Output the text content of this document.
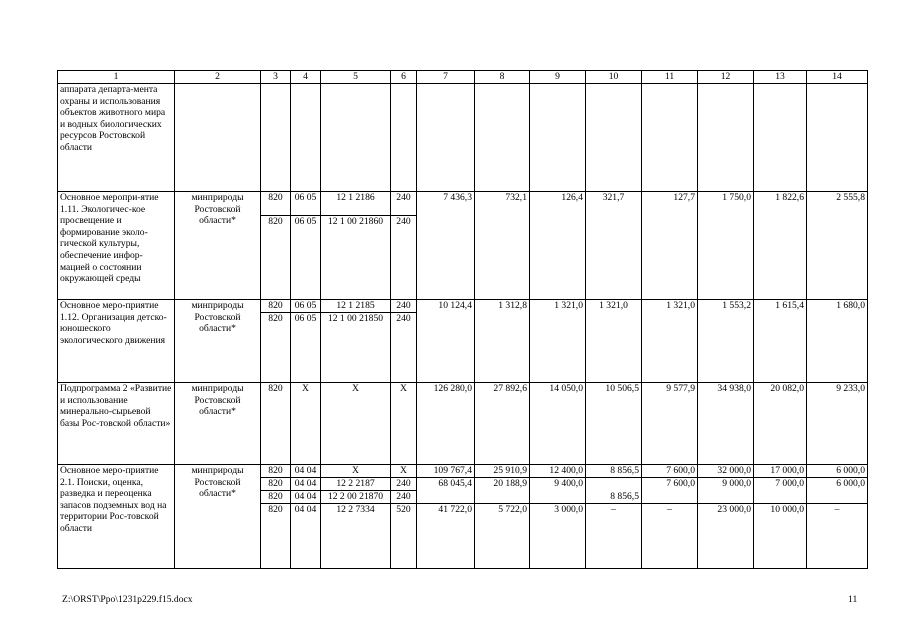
1	2	3	4	5	6	7	8	9	10	11	12	13	14
аппарата департа-мента охраны и использования объектов животного мира и водных биологических ресурсов Ростовской области													
Основное меропри-ятие 1.11. Экологичес-кое просвещение и формирование эколо-гической культуры, обеспечение инфор-мацией о состоянии окружающей среды	минприроды Ростовской области*	820	06 05	12 1 2186	240	7 436,3	732,1	126,4	321,7	127,7	1 750,0	1 822,6	2 555,8
		820	06 05	12 1 00 21860	240								
Основное меро-приятие 1.12. Организация детско-юношеского экологического движения	минприроды Ростовской области*	820	06 05	12 1 2185	240	10 124,4	1 312,8	1 321,0	1 321,0	1 321,0	1 553,2	1 615,4	1 680,0
		820	06 05	12 1 00 21850	240								
Подпрограмма 2 «Развитие и использование минерально-сырьевой базы Рос-товской области»	минприроды Ростовской области*	820	Х	Х	Х	126 280,0	27 892,6	14 050,0	10 506,5	9 577,9	34 938,0	20 082,0	9 233,0
Основное меро-приятие 2.1. Поиски, оценка, разведка и переоценка запасов подземных вод на территории Рос-товской области	минприроды Ростовской области*	820	04 04	Х	Х	109 767,4	25 910,9	12 400,0	8 856,5	7 600,0	32 000,0	17 000,0	6 000,0
		820	04 04	12 2 2187	240	68 045,4	20 188,9	9 400,0		7 600,0	9 000,0	7 000,0	6 000,0
		820	04 04	12 2 00 21870	240				8 856,5				
		820	04 04	12 2 7334	520	41 722,0	5 722,0	3 000,0	–	–	23 000,0	10 000,0	–
Z:\ORST\Ppo\1231p229.f15.docx	11
